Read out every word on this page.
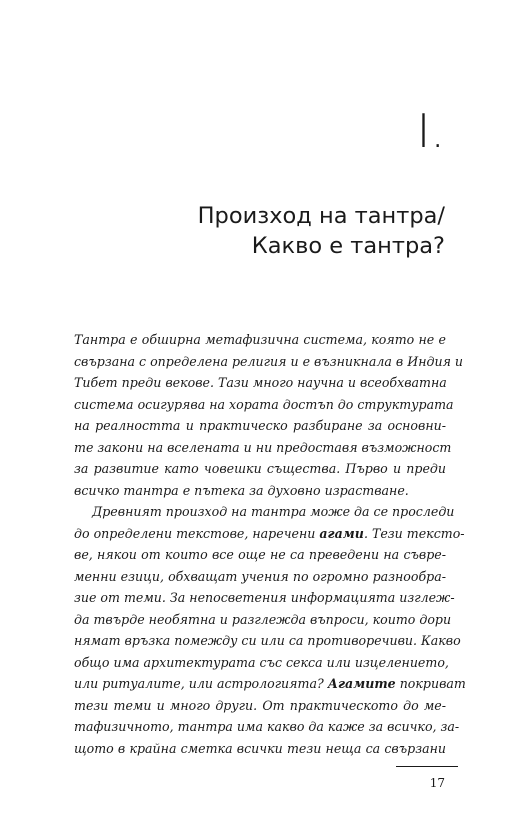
I.
Произход на тантра/
Какво е тантра?
Тантра е обширна метафизична система, която не е
свързана с определена религия и е възникнала в Индия и
Тибет преди векове. Тази много научна и всеобхватна
система осигурява на хората достъп до структурата
на реалността и практическо разбиране за основни-
те закони на вселената и ни предоставя възможност
за развитие като човешки същества. Първо и преди
всичко тантра е пътека за духовно израстване.
Древният произход на тантра може да се проследи
до определени текстове, наречени агами. Тези тексто-
ве, някои от които все още не са преведени на съвре-
менни езици, обхващат учения по огромно разнообра-
зие от теми. За непосветения информацията изглеж-
да твърде необятна и разглежда въпроси, които дори
нямат връзка помежду си или са противоречиви. Какво
общо има архитектурата със секса или изцелението,
или ритуалите, или астрологията? Агамите покриват
тези теми и много други. От практическото до ме-
тафизичното, тантра има какво да каже за всичко, за-
щото в крайна сметка всички тези неща са свързани
17
